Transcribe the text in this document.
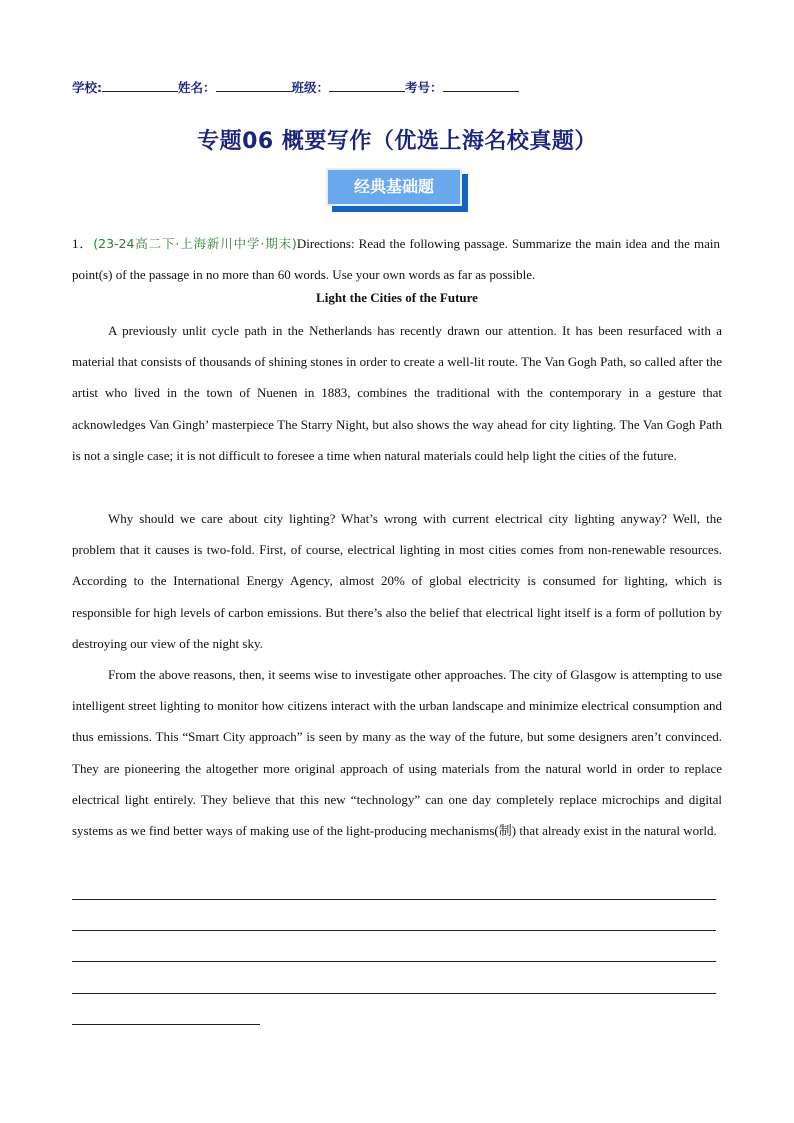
学校:	姓名：	班级：	考号：
专题06 概要写作（优选上海名校真题）
经典基础题
1．(23-24高二下·上海新川中学·期末)Directions: Read the following passage. Summarize the main idea and the main point(s) of the passage in no more than 60 words. Use your own words as far as possible.
Light the Cities of the Future

A previously unlit cycle path in the Netherlands has recently drawn our attention. It has been resurfaced with a material that consists of thousands of shining stones in order to create a well-lit route. The Van Gogh Path, so called after the artist who lived in the town of Nuenen in 1883, combines the traditional with the contemporary in a gesture that acknowledges Van Gingh’ masterpiece The Starry Night, but also shows the way ahead for city lighting. The Van Gogh Path is not a single case; it is not difficult to foresee a time when natural materials could help light the cities of the future.

Why should we care about city lighting? What’s wrong with current electrical city lighting anyway? Well, the problem that it causes is two-fold. First, of course, electrical lighting in most cities comes from non-renewable resources. According to the International Energy Agency, almost 20% of global electricity is consumed for lighting, which is responsible for high levels of carbon emissions. But there’s also the belief that electrical light itself is a form of pollution by destroying our view of the night sky.

From the above reasons, then, it seems wise to investigate other approaches. The city of Glasgow is attempting to use intelligent street lighting to monitor how citizens interact with the urban landscape and minimize electrical consumption and thus emissions. This “Smart City approach” is seen by many as the way of the future, but some designers aren’t convinced. They are pioneering the altogether more original approach of using materials from the natural world in order to replace electrical light entirely. They believe that this new “technology” can one day completely replace microchips and digital systems as we find better ways of making use of the light-producing mechanisms(制) that already exist in the natural world.
